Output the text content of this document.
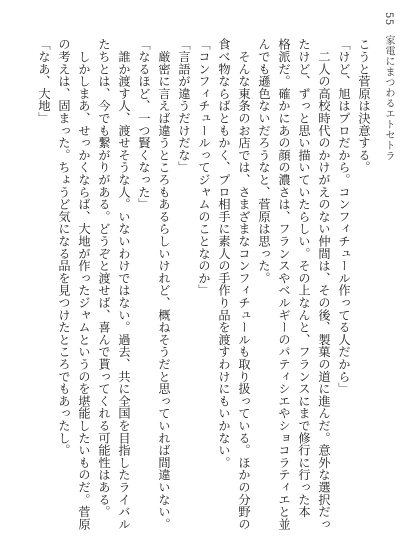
55 家電にまつわるエトセトラ

こうと菅原は決意する。

「けど、旭はプロだから。コンフィチュール作ってる人だから」

　二人の高校時代のかけがえのない仲間は、その後、製菓の道に進んだ。意外な選択だっ

たけど、ずっと思い描いていたらしい。その上なんと、フランスにまで修行に行った本

格派だ。確かにあの顔の濃さは、フランスやベルギーのパティシエやショコラティエと並

んでも遜色ないだろうなと、菅原は思った。

　そんな東条のお店では、さまざまなコンフィチュールも取り扱っている。ほかの分野の

食べ物ならばともかく、プロ相手に素人の手作り品を渡すわけにもいかない。

「コンフィチュールってジャムのことなのか」

「言語が違うだけだな」

　厳密に言えば違うところもあるらしいけれど、概ねそうだと思っていれば間違いない。

「なるほど、一つ賢くなった」

　誰か渡す人、渡せそうな人。いないわけではない。過去、共に全国を目指したライバル

たちとは、今でも繋がりがある。どうぞと渡せば、喜んで貰ってくれる可能性はある。

　しかしまあ、せっかくならば、大地が作ったジャムというのを堪能したいものだ。菅原

の考えは、固まった。ちょうど気になる品を見つけたところでもあったし。

「なあ、大地」
